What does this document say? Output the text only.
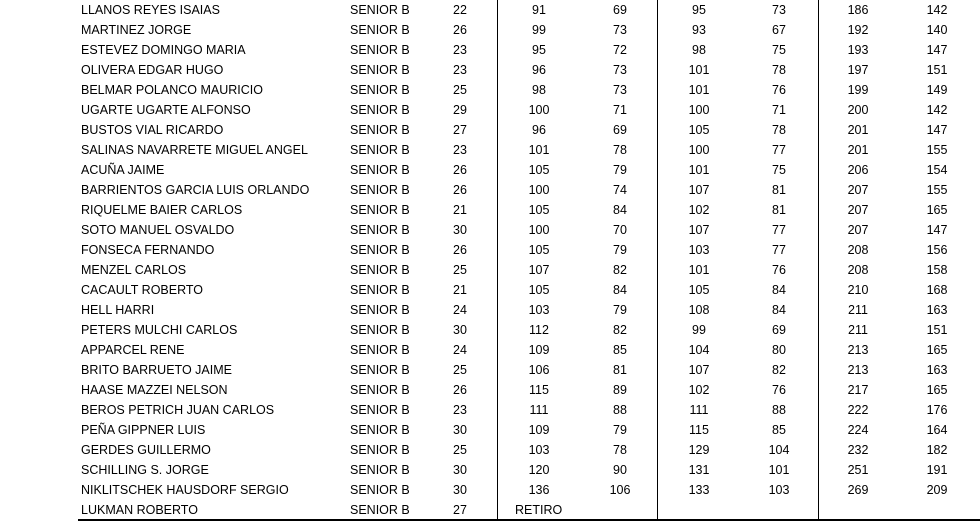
LLANOS REYES ISAIAS	SENIOR B	22	91	69	95	73	186	142
MARTINEZ JORGE	SENIOR B	26	99	73	93	67	192	140
ESTEVEZ DOMINGO MARIA	SENIOR B	23	95	72	98	75	193	147
OLIVERA EDGAR HUGO	SENIOR B	23	96	73	101	78	197	151
BELMAR POLANCO MAURICIO	SENIOR B	25	98	73	101	76	199	149
UGARTE UGARTE ALFONSO	SENIOR B	29	100	71	100	71	200	142
BUSTOS VIAL RICARDO	SENIOR B	27	96	69	105	78	201	147
SALINAS NAVARRETE MIGUEL ANGEL	SENIOR B	23	101	78	100	77	201	155
ACUÑA JAIME	SENIOR B	26	105	79	101	75	206	154
BARRIENTOS GARCIA LUIS ORLANDO	SENIOR B	26	100	74	107	81	207	155
RIQUELME BAIER CARLOS	SENIOR B	21	105	84	102	81	207	165
SOTO MANUEL OSVALDO	SENIOR B	30	100	70	107	77	207	147
FONSECA FERNANDO	SENIOR B	26	105	79	103	77	208	156
MENZEL CARLOS	SENIOR B	25	107	82	101	76	208	158
CACAULT ROBERTO	SENIOR B	21	105	84	105	84	210	168
HELL HARRI	SENIOR B	24	103	79	108	84	211	163
PETERS MULCHI CARLOS	SENIOR B	30	112	82	99	69	211	151
APPARCEL RENE	SENIOR B	24	109	85	104	80	213	165
BRITO BARRUETO JAIME	SENIOR B	25	106	81	107	82	213	163
HAASE MAZZEI NELSON	SENIOR B	26	115	89	102	76	217	165
BEROS PETRICH JUAN CARLOS	SENIOR B	23	111	88	111	88	222	176
PEÑA GIPPNER LUIS	SENIOR B	30	109	79	115	85	224	164
GERDES GUILLERMO	SENIOR B	25	103	78	129	104	232	182
SCHILLING S. JORGE	SENIOR B	30	120	90	131	101	251	191
NIKLITSCHEK HAUSDORF SERGIO	SENIOR B	30	136	106	133	103	269	209
LUKMAN ROBERTO	SENIOR B	27	RETIRO
